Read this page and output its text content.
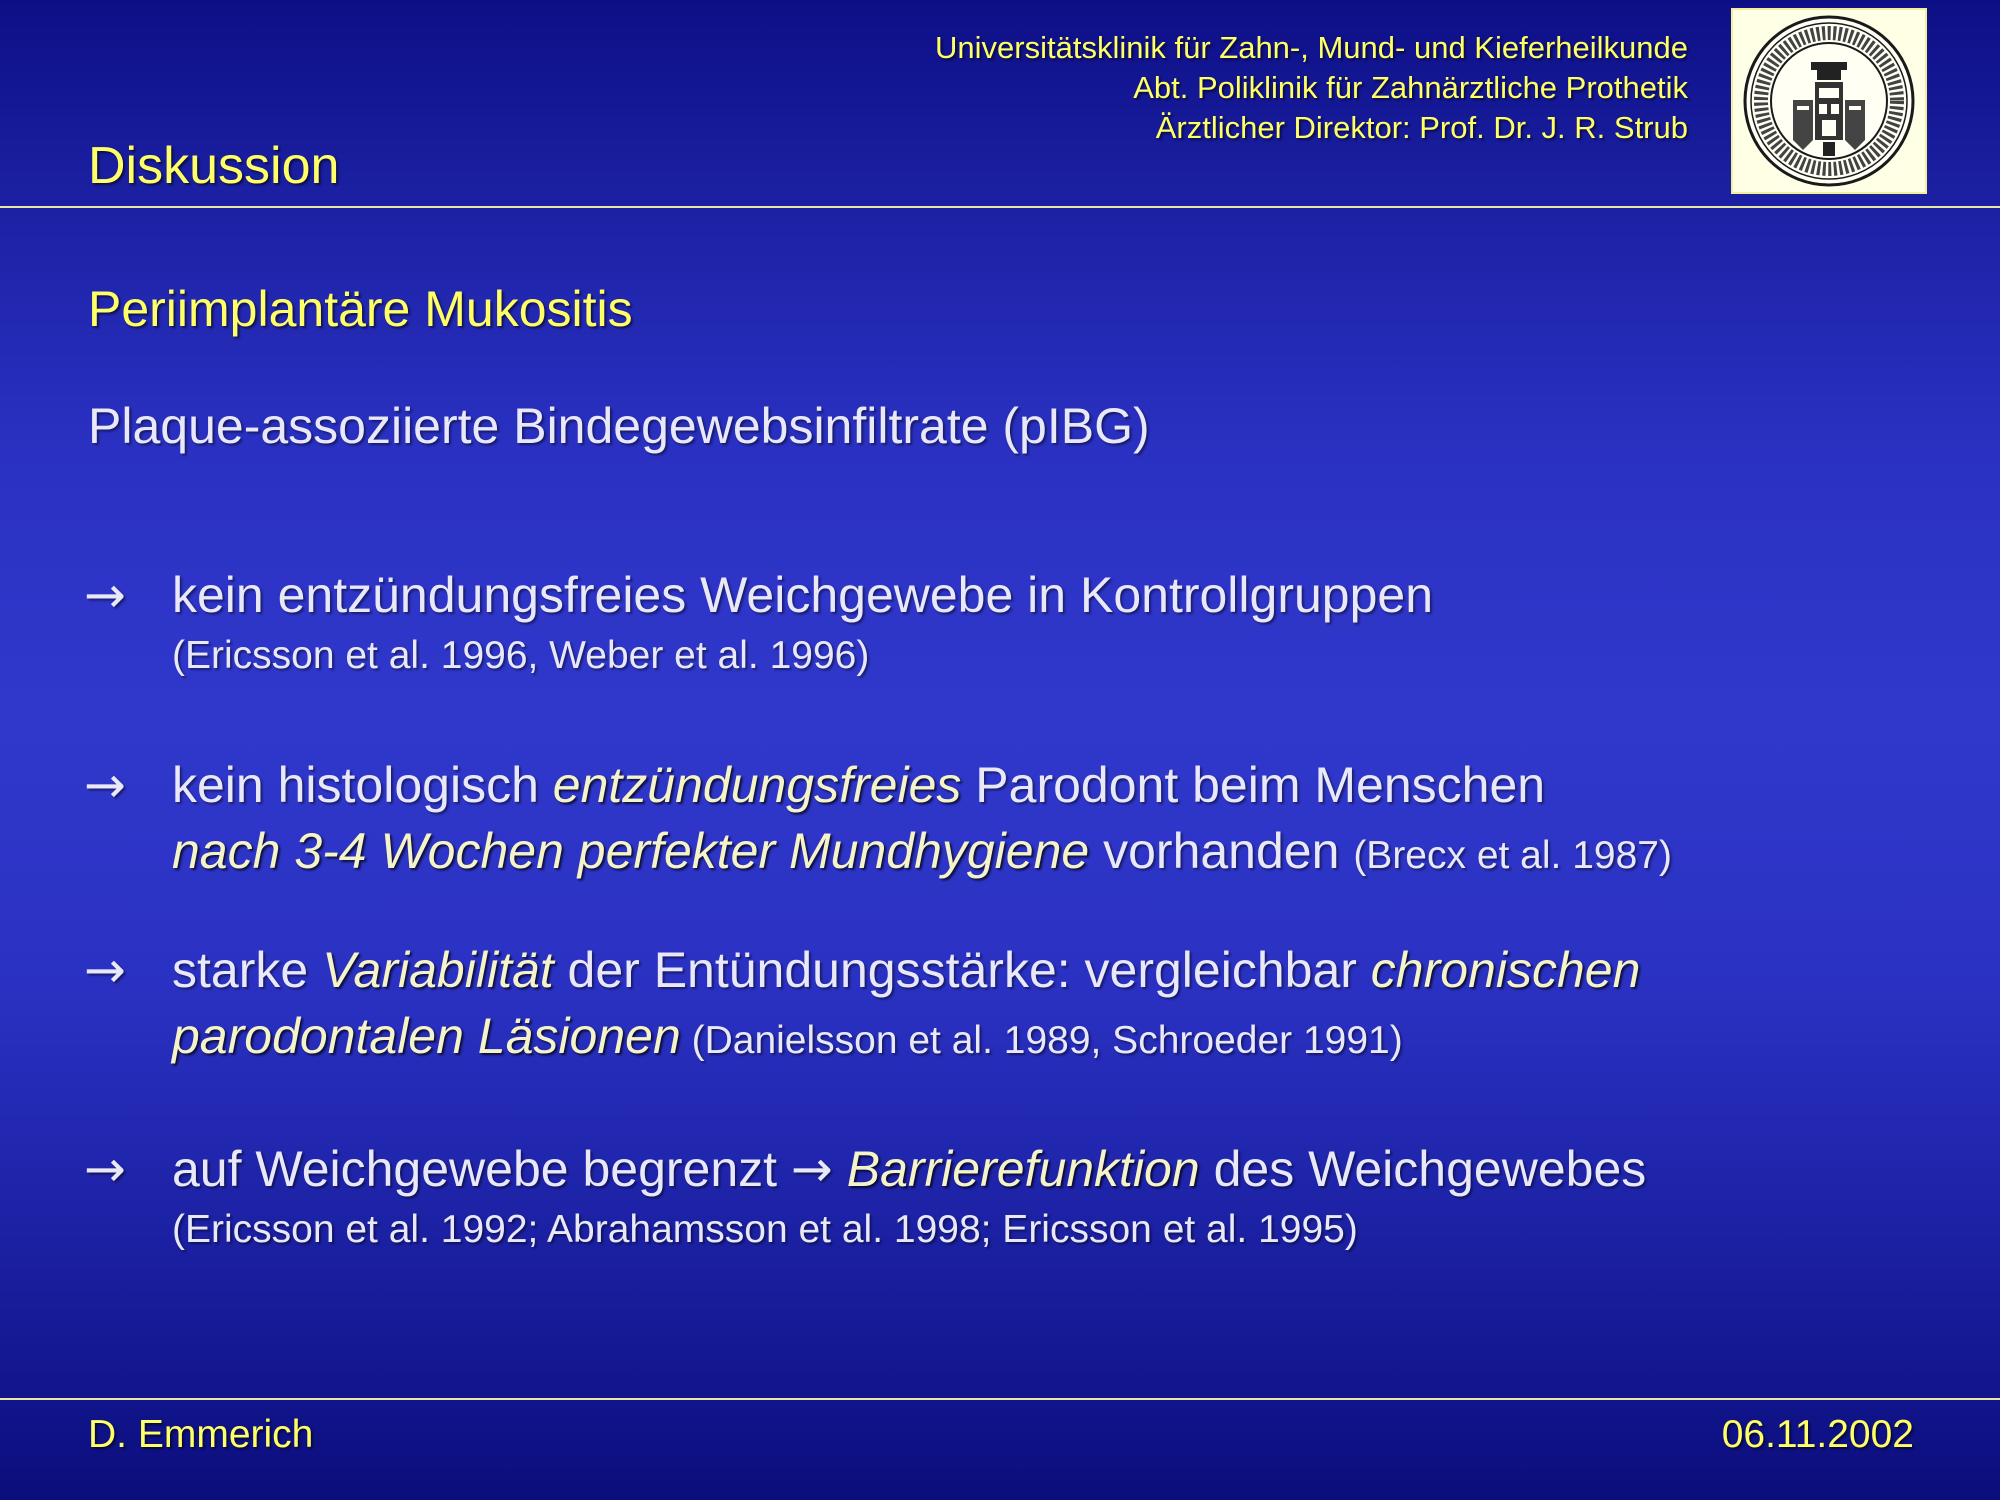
Universitätsklinik für Zahn-, Mund- und Kieferheilkunde
Abt. Poliklinik für Zahnärztliche Prothetik
Ärztlicher Direktor: Prof. Dr. J. R. Strub
Diskussion
Periimplantäre Mukositis
Plaque-assoziierte Bindegewebsinfiltrate (pIBG)
→ kein entzündungsfreies Weichgewebe in Kontrollgruppen
(Ericsson et al. 1996, Weber et al. 1996)
→ kein histologisch entzündungsfreies Parodont beim Menschen
nach 3-4 Wochen perfekter Mundhygiene vorhanden (Brecx et al. 1987)
→ starke Variabilität der Entündungsstärke: vergleichbar chronischen
parodontalen Läsionen (Danielsson et al. 1989, Schroeder 1991)
→ auf Weichgewebe begrenzt → Barrierefunktion des Weichgewebes
(Ericsson et al. 1992; Abrahamsson et al. 1998; Ericsson et al. 1995)
D. Emmerich	06.11.2002
